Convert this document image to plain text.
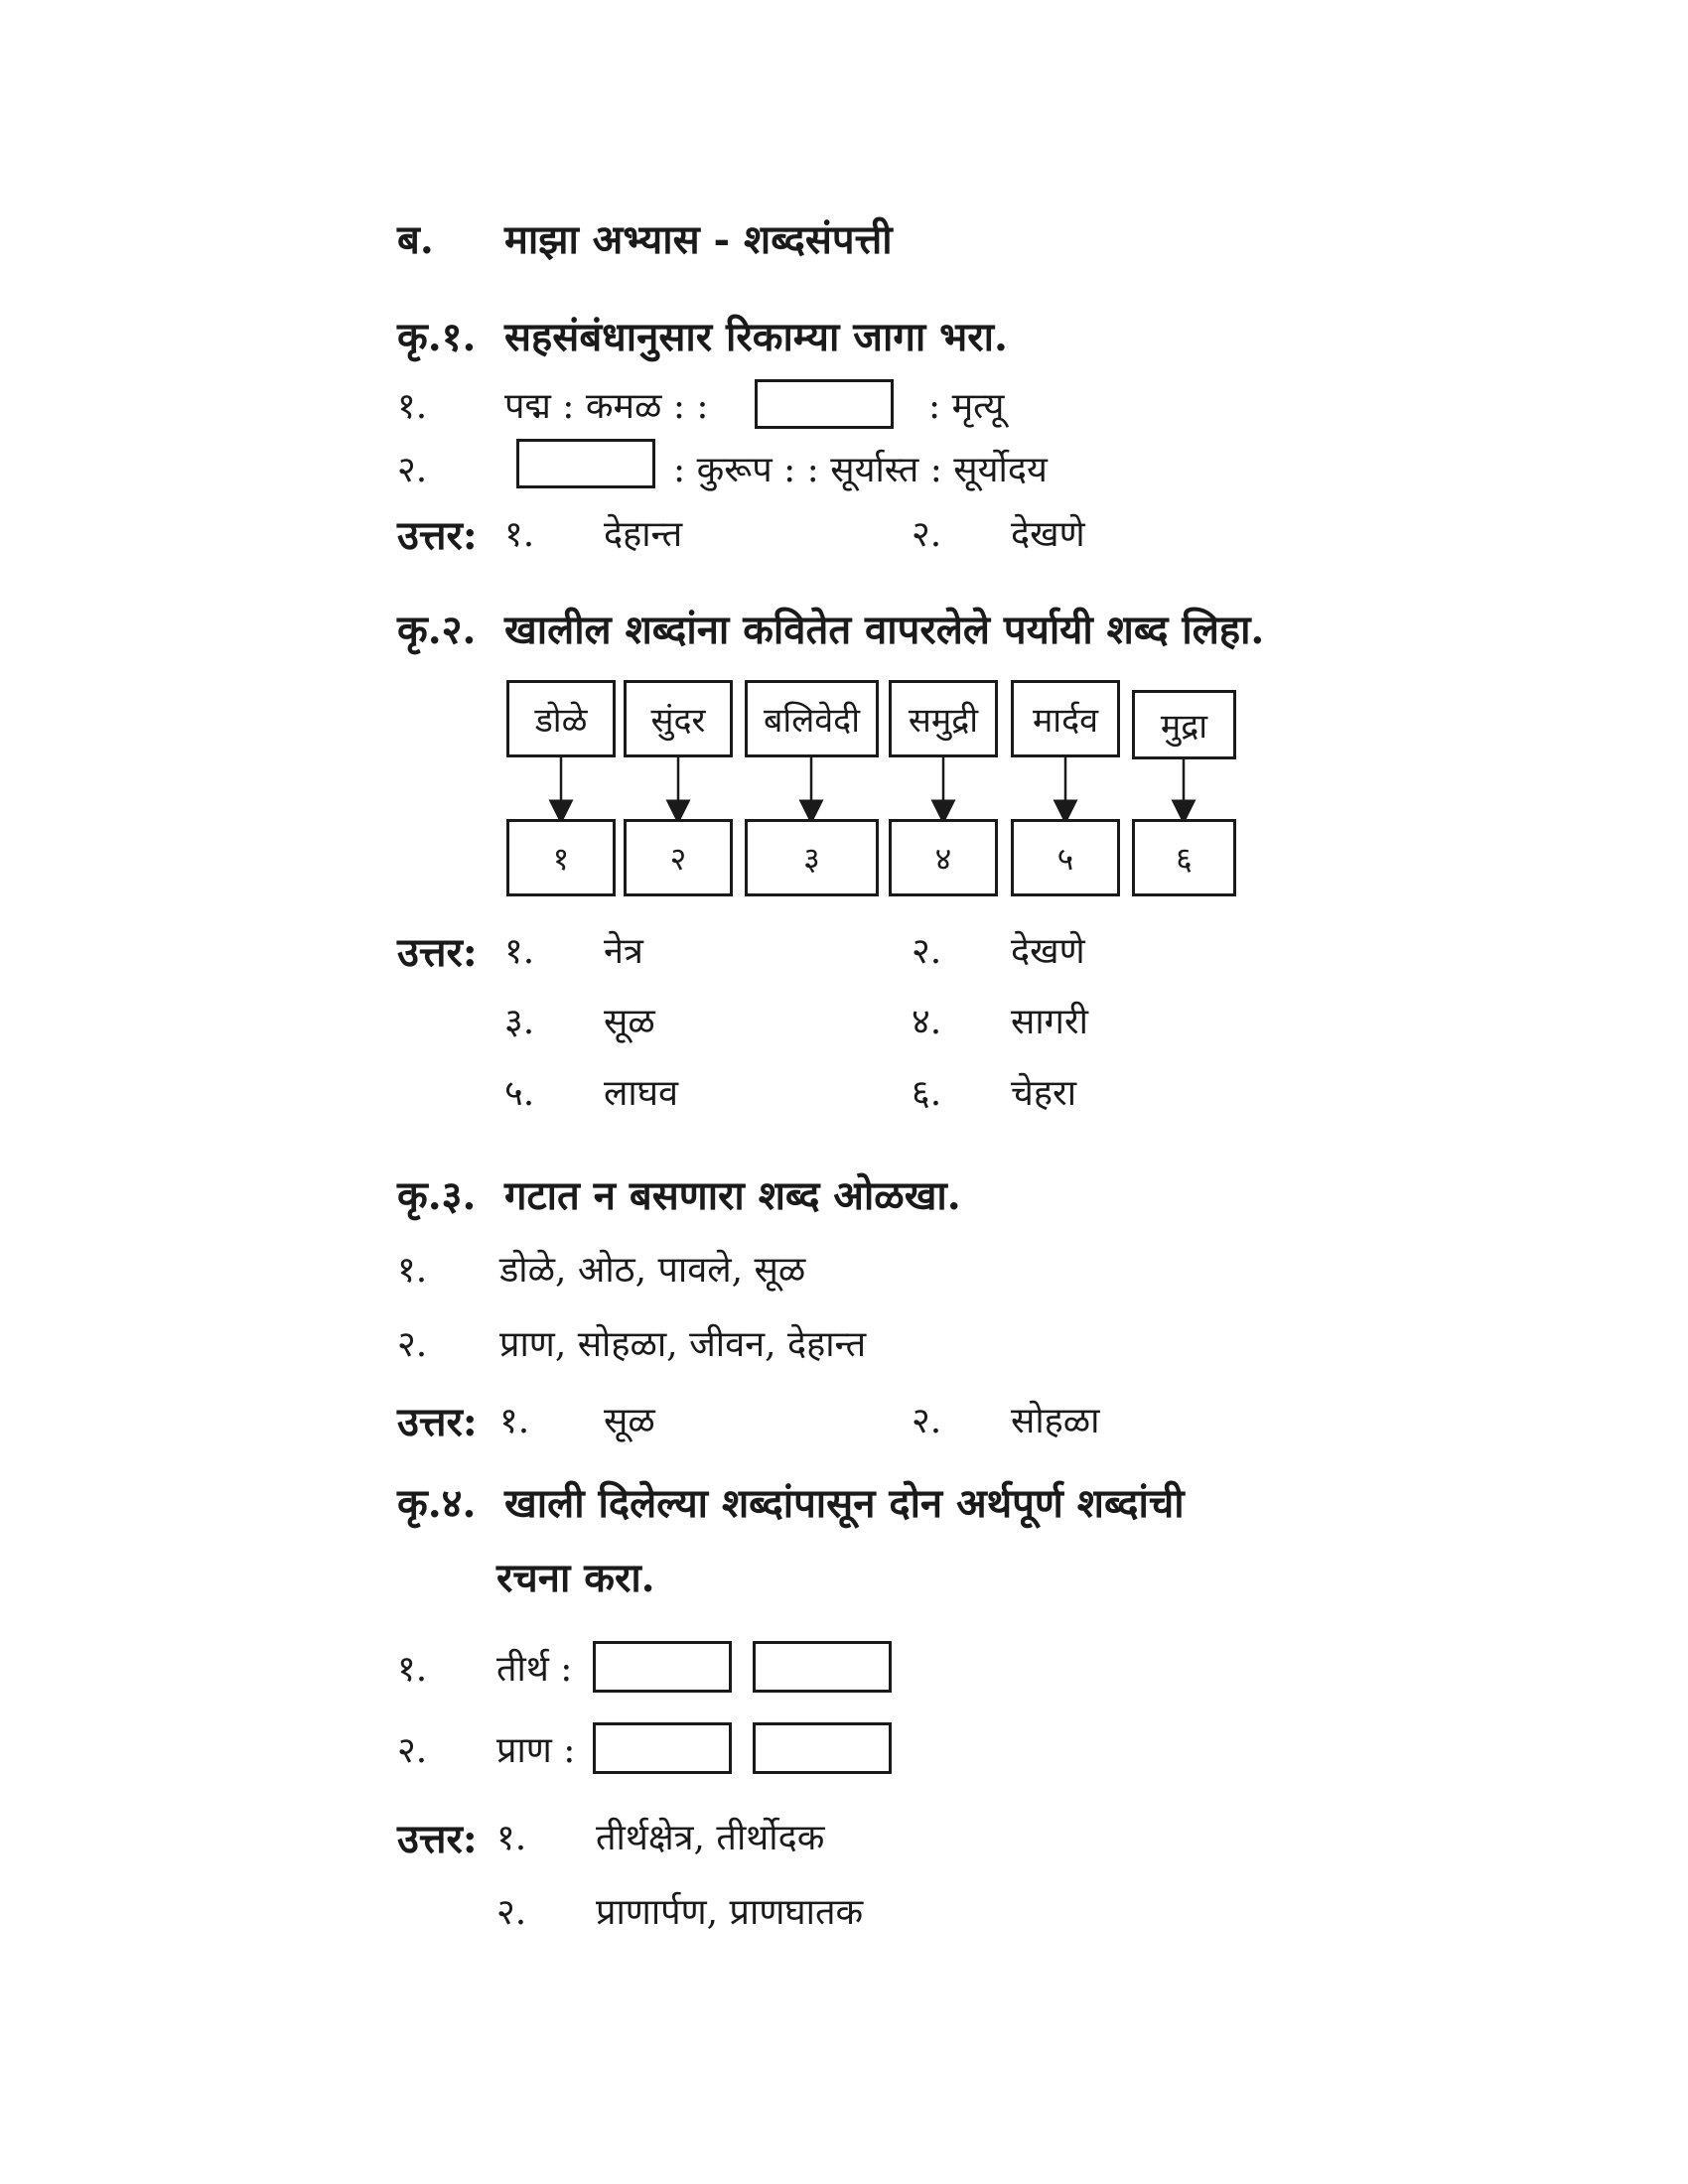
ब. माझा अभ्यास - शब्दसंपत्ती
कृ.१. सहसंबंधानुसार रिकाम्या जागा भरा.
१. पद्म : कमळ : :	: मृत्यू
२.	: कुरूप : : सूर्यास्त : सूर्योदय
उत्तर: १. देहान्त	२. देखणे
कृ.२. खालील शब्दांना कवितेत वापरलेले पर्यायी शब्द लिहा.
डोळे	सुंदर	बलिवेदी	समुद्री	मार्दव	मुद्रा
१	२	३	४	५	६
उत्तर: १. नेत्र	२. देखणे
३. सूळ	४. सागरी
५. लाघव	६. चेहरा
कृ.३. गटात न बसणारा शब्द ओळखा.
१. डोळे, ओठ, पावले, सूळ
२. प्राण, सोहळा, जीवन, देहान्त
उत्तर: १. सूळ	२. सोहळा
कृ.४. खाली दिलेल्या शब्दांपासून दोन अर्थपूर्ण शब्दांची
रचना करा.
१. तीर्थ :
२. प्राण :
उत्तर: १. तीर्थक्षेत्र, तीर्थोदक
२. प्राणार्पण, प्राणघातक
